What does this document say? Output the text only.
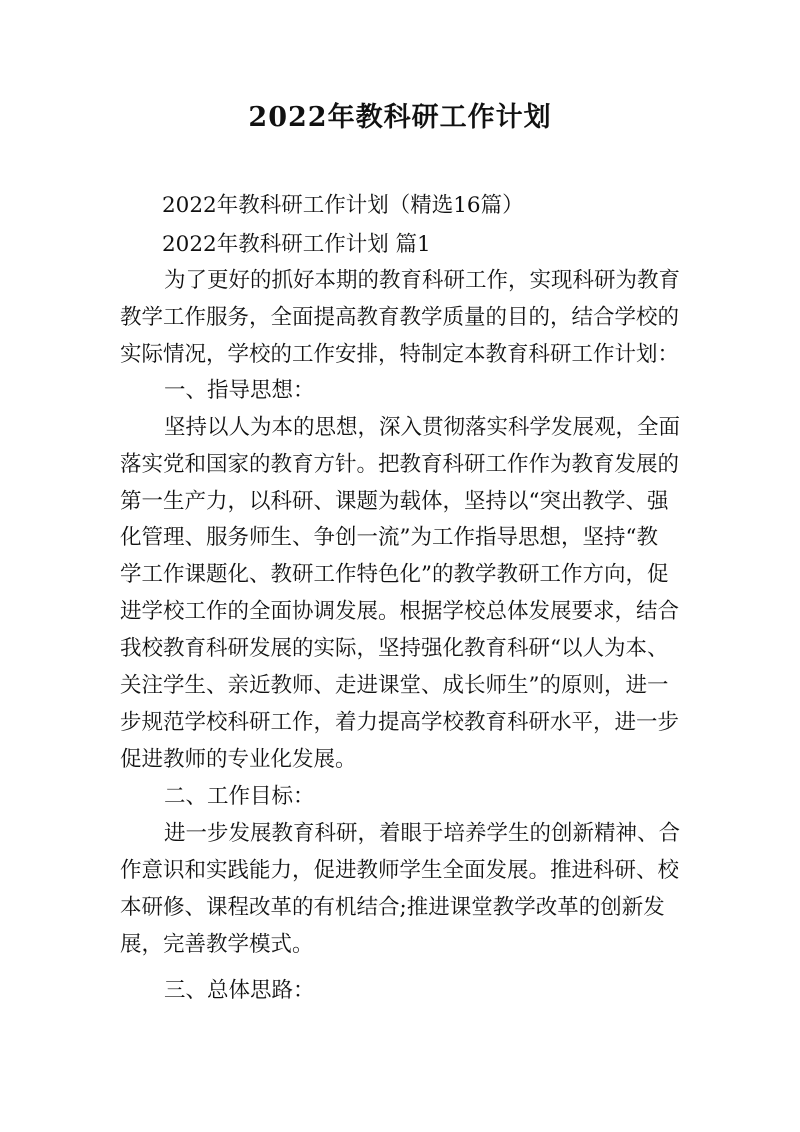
2022年教科研工作计划

2022年教科研工作计划（精选16篇）

2022年教科研工作计划 篇1

为了更好的抓好本期的教育科研工作，实现科研为教育

教学工作服务，全面提高教育教学质量的目的，结合学校的

实际情况，学校的工作安排，特制定本教育科研工作计划：

一、指导思想：

坚持以人为本的思想，深入贯彻落实科学发展观，全面

落实党和国家的教育方针。把教育科研工作作为教育发展的

第一生产力，以科研、课题为载体，坚持以“突出教学、强

化管理、服务师生、争创一流”为工作指导思想，坚持“教

学工作课题化、教研工作特色化”的教学教研工作方向，促

进学校工作的全面协调发展。根据学校总体发展要求，结合

我校教育科研发展的实际，坚持强化教育科研“以人为本、

关注学生、亲近教师、走进课堂、成长师生”的原则，进一

步规范学校科研工作，着力提高学校教育科研水平，进一步

促进教师的专业化发展。

二、工作目标：

进一步发展教育科研，着眼于培养学生的创新精神、合

作意识和实践能力，促进教师学生全面发展。推进科研、校

本研修、课程改革的有机结合;推进课堂教学改革的创新发

展，完善教学模式。

三、总体思路：
